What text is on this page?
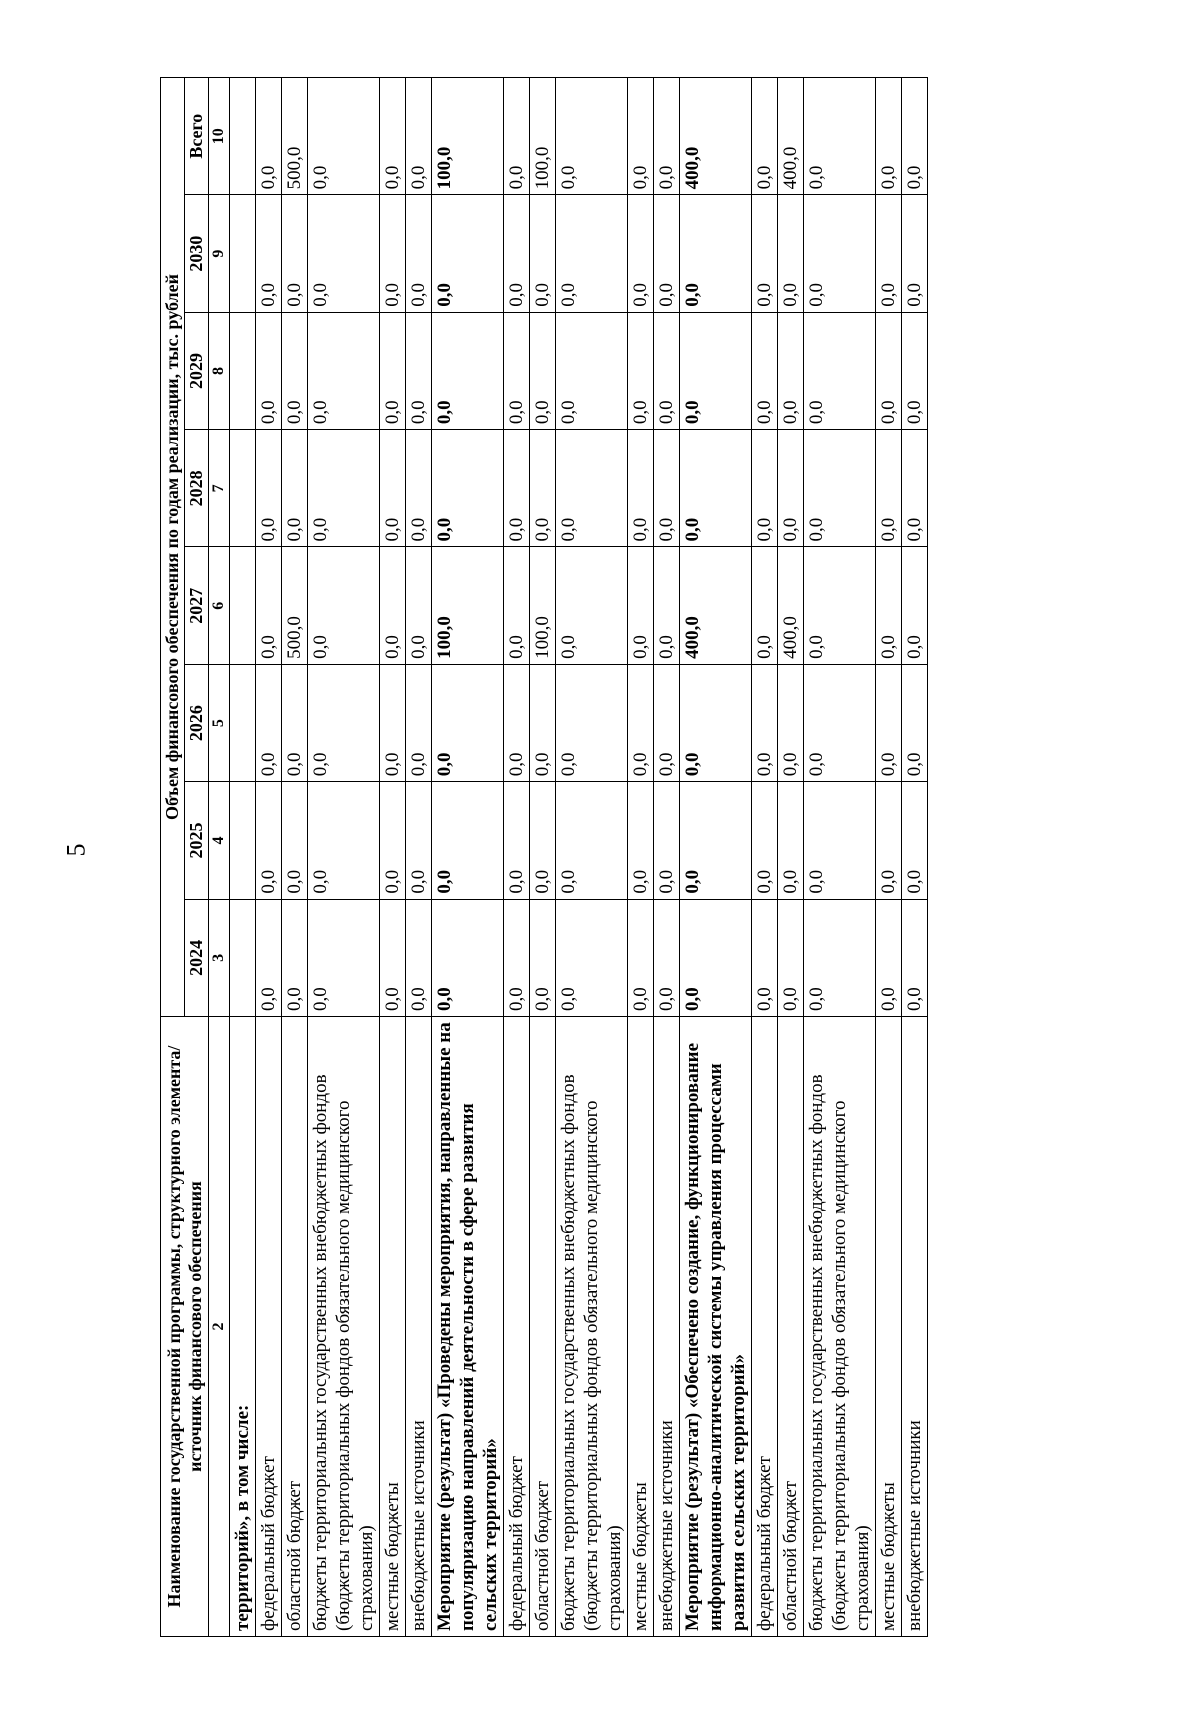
5
Наименование государственной программы, структурного элемента/источник финансового обеспечения	Объем финансового обеспечения по годам реализации, тыс. рублей							
	2024	2025	2026	2027	2028	2029	2030	Всего
2	3	4	5	6	7	8	9	10
территорий», в том числе:								
федеральный бюджет	0,0	0,0	0,0	0,0	0,0	0,0	0,0	0,0
областной бюджет	0,0	0,0	0,0	500,0	0,0	0,0	0,0	500,0
бюджеты территориальных государственных внебюджетных фондов (бюджеты территориальных фондов обязательного медицинского страхования)	0,0	0,0	0,0	0,0	0,0	0,0	0,0	0,0
местные бюджеты	0,0	0,0	0,0	0,0	0,0	0,0	0,0	0,0
внебюджетные источники	0,0	0,0	0,0	0,0	0,0	0,0	0,0	0,0
Мероприятие (результат) «Проведены мероприятия, направленные на популяризацию направлений деятельности в сфере развития сельских территорий»	0,0	0,0	0,0	100,0	0,0	0,0	0,0	100,0
федеральный бюджет	0,0	0,0	0,0	0,0	0,0	0,0	0,0	0,0
областной бюджет	0,0	0,0	0,0	100,0	0,0	0,0	0,0	100,0
бюджеты территориальных государственных внебюджетных фондов (бюджеты территориальных фондов обязательного медицинского страхования)	0,0	0,0	0,0	0,0	0,0	0,0	0,0	0,0
местные бюджеты	0,0	0,0	0,0	0,0	0,0	0,0	0,0	0,0
внебюджетные источники	0,0	0,0	0,0	0,0	0,0	0,0	0,0	0,0
Мероприятие (результат) «Обеспечено создание, функционирование информационно-аналитической системы управления процессами развития сельских территорий»	0,0	0,0	0,0	400,0	0,0	0,0	0,0	400,0
федеральный бюджет	0,0	0,0	0,0	0,0	0,0	0,0	0,0	0,0
областной бюджет	0,0	0,0	0,0	400,0	0,0	0,0	0,0	400,0
бюджеты территориальных государственных внебюджетных фондов (бюджеты территориальных фондов обязательного медицинского страхования)	0,0	0,0	0,0	0,0	0,0	0,0	0,0	0,0
местные бюджеты	0,0	0,0	0,0	0,0	0,0	0,0	0,0	0,0
внебюджетные источники	0,0	0,0	0,0	0,0	0,0	0,0	0,0	0,0
